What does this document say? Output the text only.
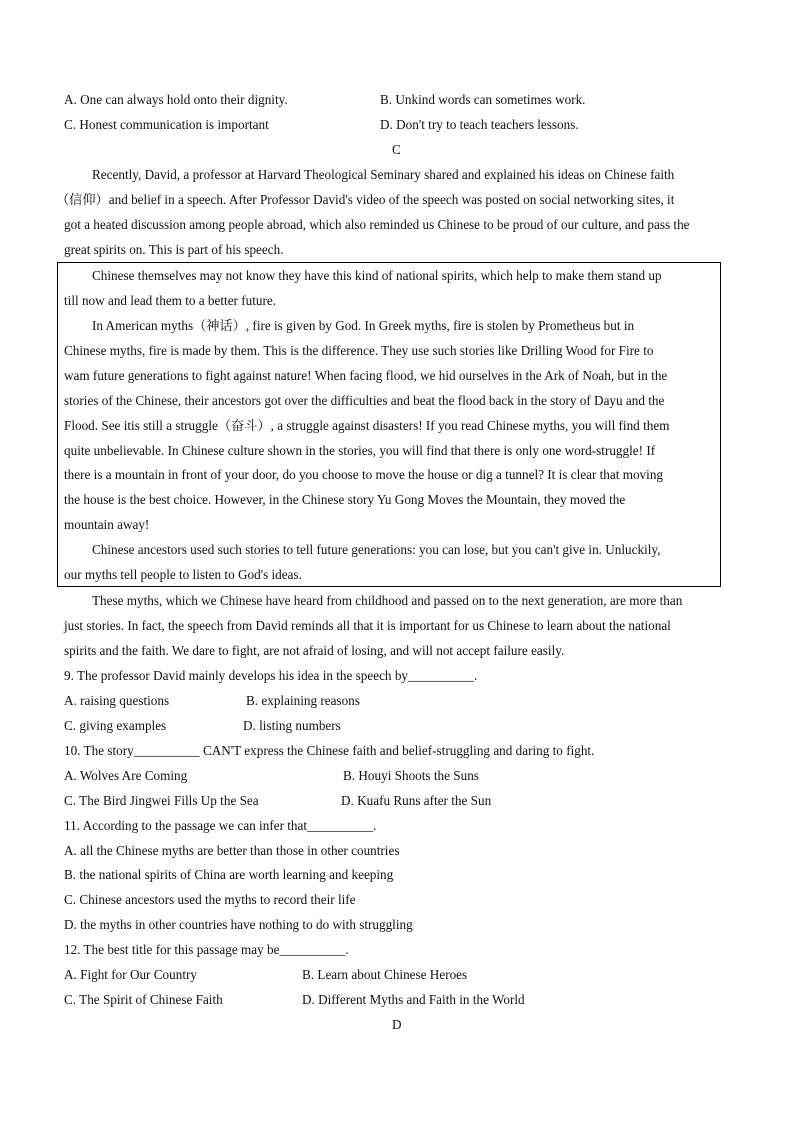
A. One can always hold onto their dignity.	B. Unkind words can sometimes work.
C. Honest communication is important	D. Don't try to teach teachers lessons.
C
Recently, David, a professor at Harvard Theological Seminary shared and explained his ideas on Chinese faith
（信仰）and belief in a speech. After Professor David's video of the speech was posted on social networking sites, it
got a heated discussion among people abroad, which also reminded us Chinese to be proud of our culture, and pass the
great spirits on. This is part of his speech.
Chinese themselves may not know they have this kind of national spirits, which help to make them stand up
till now and lead them to a better future.
In American myths（神话）, fire is given by God. In Greek myths, fire is stolen by Prometheus but in
Chinese myths, fire is made by them. This is the difference. They use such stories like Drilling Wood for Fire to
wam future generations to fight against nature! When facing flood, we hid ourselves in the Ark of Noah, but in the
stories of the Chinese, their ancestors got over the difficulties and beat the flood back in the story of Dayu and the
Flood. See itis still a struggle（奋斗）, a struggle against disasters! If you read Chinese myths, you will find them
quite unbelievable. In Chinese culture shown in the stories, you will find that there is only one word-struggle! If
there is a mountain in front of your door, do you choose to move the house or dig a tunnel? It is clear that moving
the house is the best choice. However, in the Chinese story Yu Gong Moves the Mountain, they moved the
mountain away!
Chinese ancestors used such stories to tell future generations: you can lose, but you can't give in. Unluckily,
our myths tell people to listen to God's ideas.
These myths, which we Chinese have heard from childhood and passed on to the next generation, are more than
just stories. In fact, the speech from David reminds all that it is important for us Chinese to learn about the national
spirits and the faith. We dare to fight, are not afraid of losing, and will not accept failure easily.
9. The professor David mainly develops his idea in the speech by__________.
A. raising questions	B. explaining reasons
C. giving examples	D. listing numbers
10. The story__________ CAN'T express the Chinese faith and belief-struggling and daring to fight.
A. Wolves Are Coming	B. Houyi Shoots the Suns
C. The Bird Jingwei Fills Up the Sea	D. Kuafu Runs after the Sun
11. According to the passage we can infer that__________.
A. all the Chinese myths are better than those in other countries
B. the national spirits of China are worth learning and keeping
C. Chinese ancestors used the myths to record their life
D. the myths in other countries have nothing to do with struggling
12. The best title for this passage may be__________.
A. Fight for Our Country	B. Learn about Chinese Heroes
C. The Spirit of Chinese Faith	D. Different Myths and Faith in the World
D
